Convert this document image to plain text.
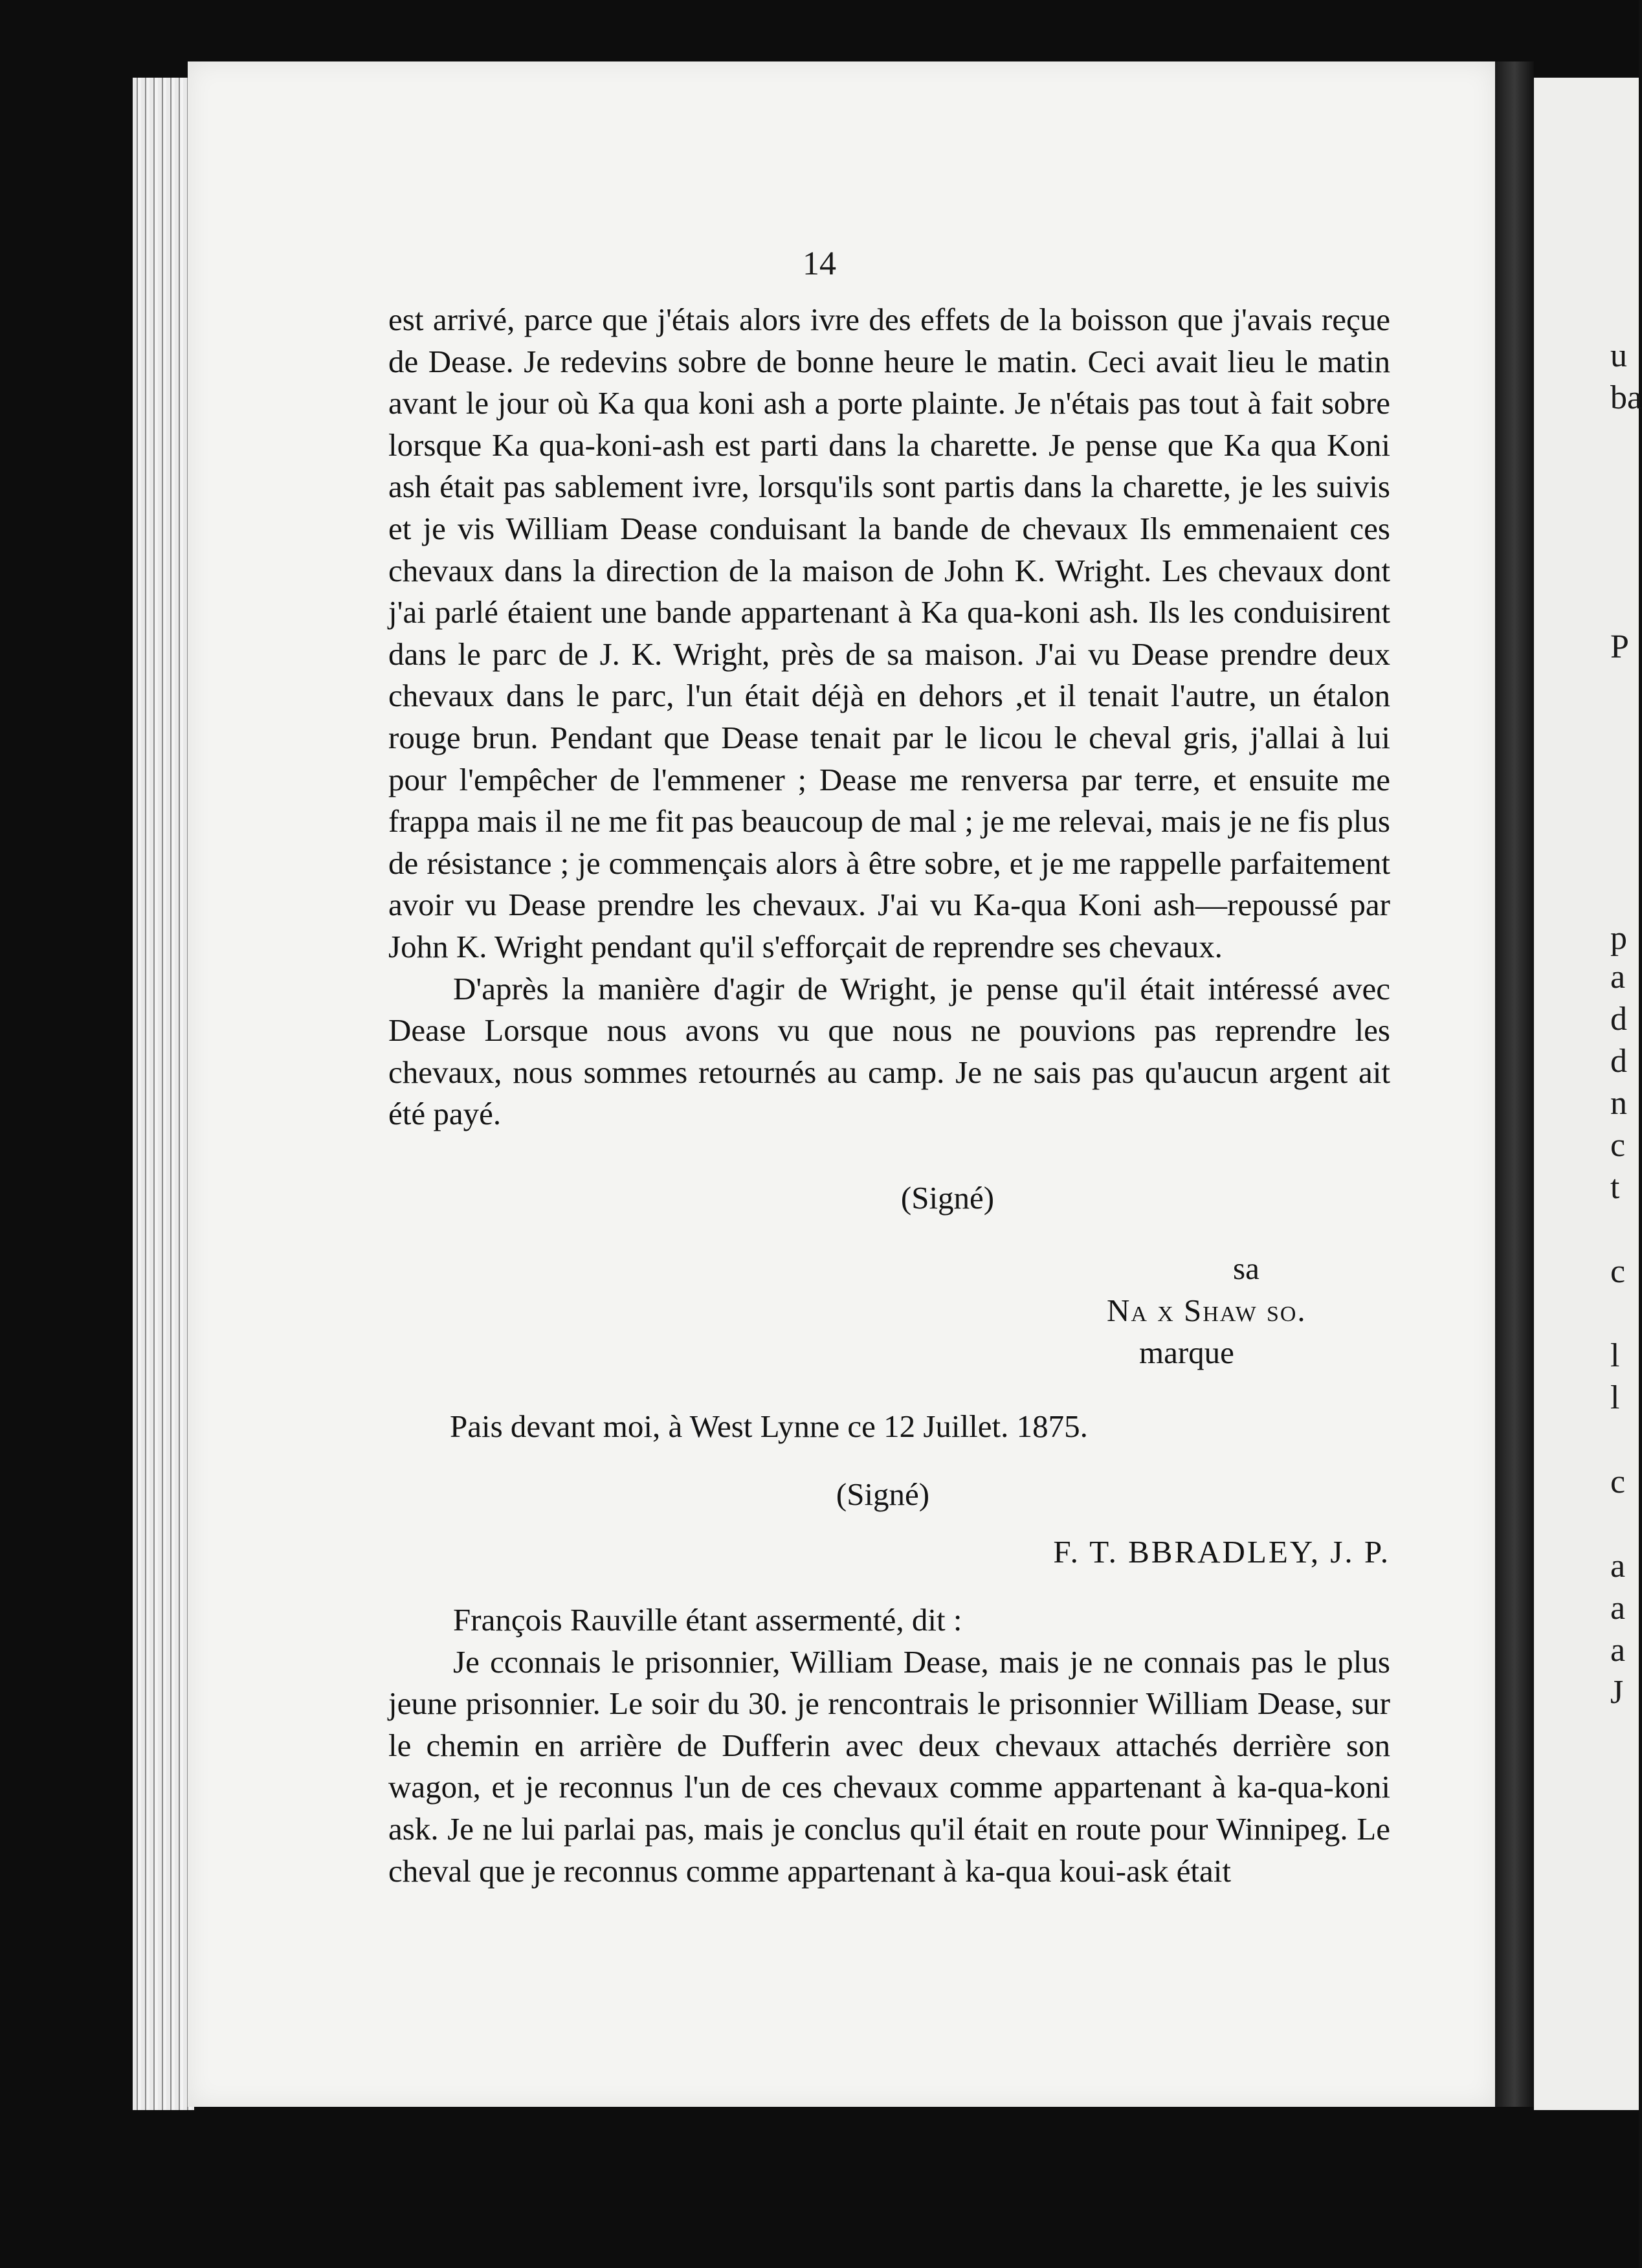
u
ba
P
p
a
d
d
n
c
t
c
l
l
c
a
a
a
J
14

est arrivé, parce que j'étais alors ivre des effets de la boisson que j'avais reçue de Dease. Je redevins sobre de bonne heure le matin. Ceci avait lieu le matin avant le jour où Ka qua koni ash a porte plainte. Je n'étais pas tout à fait sobre lorsque Ka qua-koni-ash est parti dans la charette. Je pense que Ka qua Koni ash était pas sablement ivre, lorsqu'ils sont partis dans la charette, je les suivis et je vis William Dease conduisant la bande de chevaux Ils emmenaient ces chevaux dans la direction de la maison de John K. Wright. Les chevaux dont j'ai parlé étaient une bande appartenant à Ka qua-koni ash. Ils les conduisirent dans le parc de J. K. Wright, près de sa maison. J'ai vu Dease prendre deux chevaux dans le parc, l'un était déjà en dehors ,et il tenait l'autre, un étalon rouge brun. Pendant que Dease tenait par le licou le cheval gris, j'allai à lui pour l'empêcher de l'emmener ; Dease me renversa par terre, et ensuite me frappa mais il ne me fit pas beaucoup de mal ; je me relevai, mais je ne fis plus de résistance ; je commençais alors à être sobre, et je me rappelle parfaitement avoir vu Dease prendre les chevaux. J'ai vu Ka-qua Koni ash—repoussé par John K. Wright pendant qu'il s'efforçait de reprendre ses chevaux.

D'après la manière d'agir de Wright, je pense qu'il était intéressé avec Dease Lorsque nous avons vu que nous ne pouvions pas reprendre les chevaux, nous sommes retournés au camp. Je ne sais pas qu'aucun argent ait été payé.

(Signé)
sa
Na x Shaw so.
marque
Pais devant moi, à West Lynne ce 12 Juillet. 1875.
(Signé)
F. T. BBRADLEY, J. P.

François Rauville étant assermenté, dit :

Je cconnais le prisonnier, William Dease, mais je ne connais pas le plus jeune prisonnier. Le soir du 30. je rencontrais le prisonnier William Dease, sur le chemin en arrière de Dufferin avec deux chevaux attachés derrière son wagon, et je reconnus l'un de ces chevaux comme appartenant à ka-qua-koni ask. Je ne lui parlai pas, mais je conclus qu'il était en route pour Winnipeg. Le cheval que je reconnus comme appartenant à ka-qua koui-ask était
